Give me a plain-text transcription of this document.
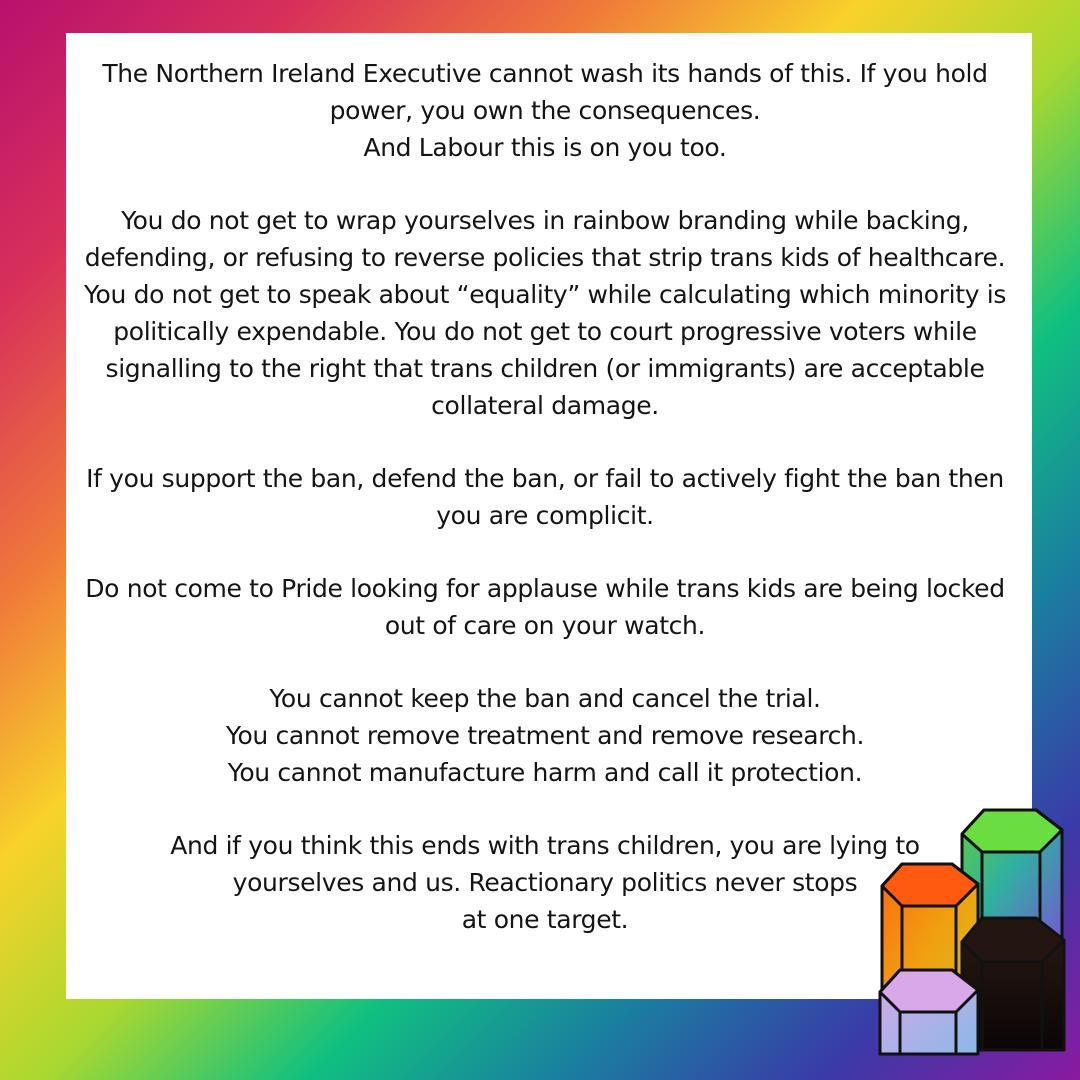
The Northern Ireland Executive cannot wash its hands of this. If you hold
power, you own the consequences.
And Labour this is on you too.

You do not get to wrap yourselves in rainbow branding while backing,
defending, or refusing to reverse policies that strip trans kids of healthcare.
You do not get to speak about “equality” while calculating which minority is
politically expendable. You do not get to court progressive voters while
signalling to the right that trans children (or immigrants) are acceptable
collateral damage.

If you support the ban, defend the ban, or fail to actively fight the ban then
you are complicit.

Do not come to Pride looking for applause while trans kids are being locked
out of care on your watch.

You cannot keep the ban and cancel the trial.
You cannot remove treatment and remove research.
You cannot manufacture harm and call it protection.

And if you think this ends with trans children, you are lying to
yourselves and us. Reactionary politics never stops
at one target.
